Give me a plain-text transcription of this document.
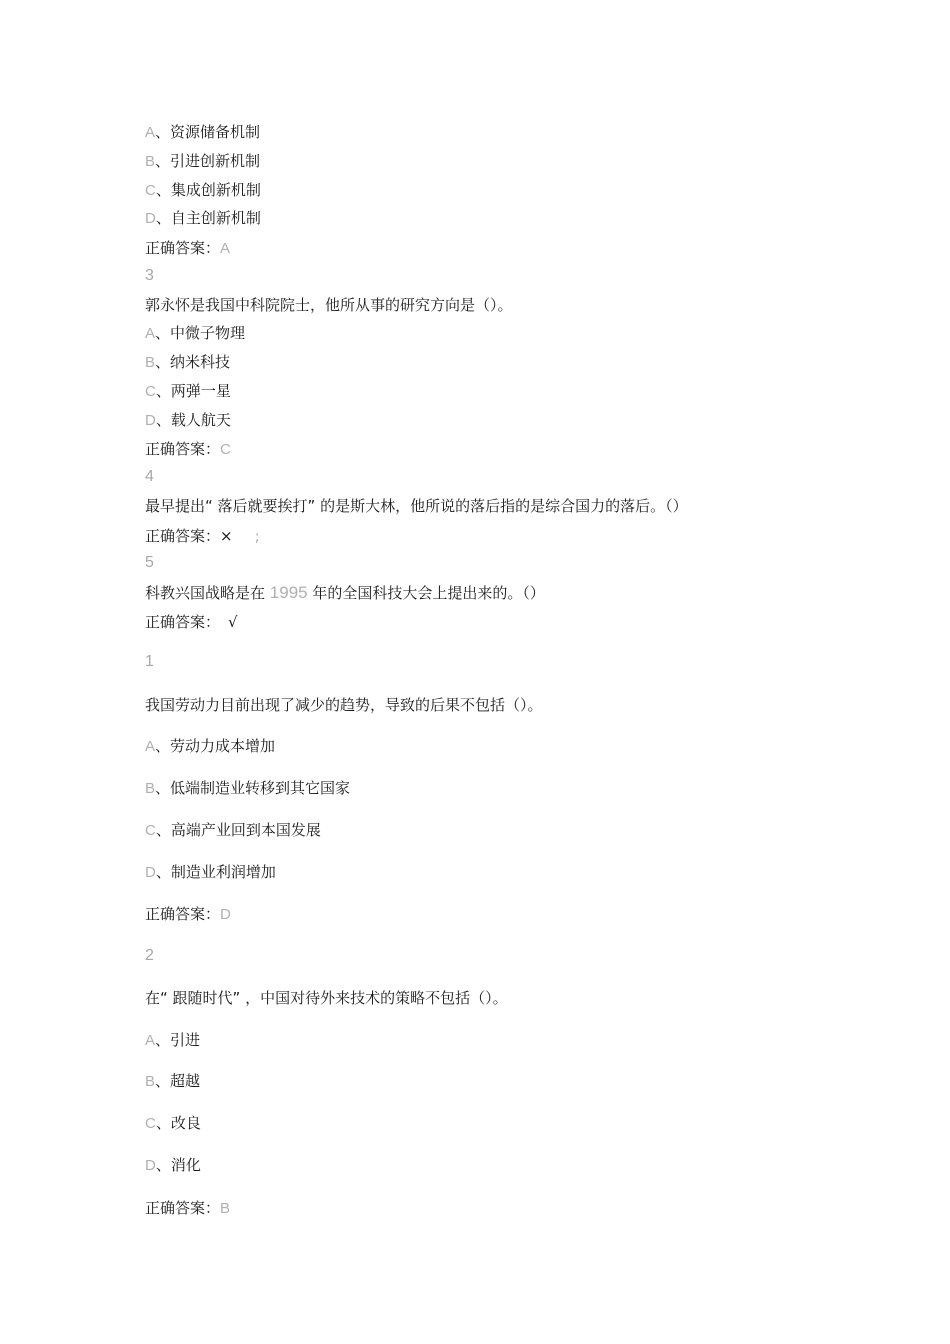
A、资源储备机制
B、引进创新机制
C、集成创新机制
D、自主创新机制
正确答案：A
3
郭永怀是我国中科院院士，他所从事的研究方向是（）。
A、中微子物理
B、纳米科技
C、两弹一星
D、载人航天
正确答案：C
4
最早提出“ 落后就要挨打” 的是斯大林，他所说的落后指的是综合国力的落后。（）
正确答案：× ;
5
科教兴国战略是在 1995 年的全国科技大会上提出来的。（）
正确答案： √
1
我国劳动力目前出现了减少的趋势，导致的后果不包括（）。
A、劳动力成本增加
B、低端制造业转移到其它国家
C、高端产业回到本国发展
D、制造业利润增加
正确答案：D
2
在“ 跟随时代” ，中国对待外来技术的策略不包括（）。
A、引进
B、超越
C、改良
D、消化
正确答案：B
